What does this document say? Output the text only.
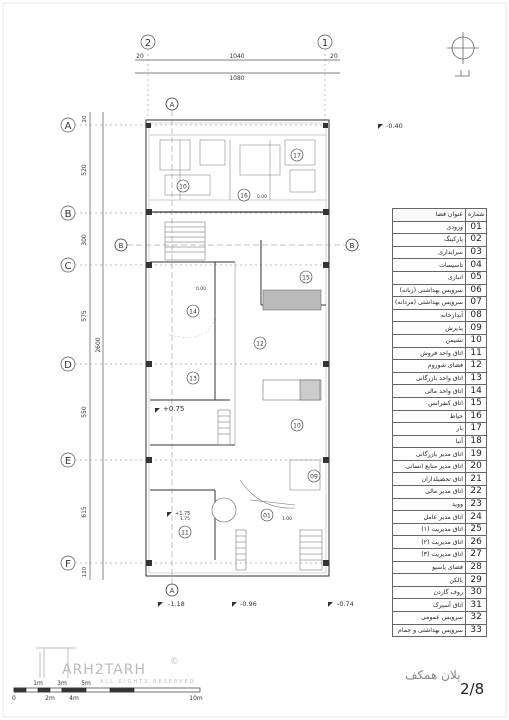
2	1
20	1040	20
1080
A
B
C
D
E
F
20
520
300
575
550
615
120
2600
A
A
B	B
-0.40
+0.75
+1.75
-1.18	-0.96	-0.74
0.00
0.00
1.75	1.00
10
16
17
15
14
12
13
10
09
01
11
1m 3m 5m
0	2m 4m	10m
©
ARH2TARH
ALL RIGHTS RESERVED
عنوان فضا	شماره
ورودی	01
پارکینگ	02
سرایداری	03
تاسیسات	04
انباری	05
سرویس بهداشتی (زنانه)	06
سرویس بهداشتی (مردانه)	07
آبدارخانه	08
پذیرش	09
نشیمن	10
اتاق واحد فروش	11
فضای شوروم	12
اتاق واحد بازرگانی	13
اتاق واحد مالی	14
اتاق کنفرانس	15
حیاط	16
بار	17
آنبا	18
اتاق مدیر بازرگانی	19
اتاق مدیر منابع انسانی	20
اتاق تحصیلداران	21
اتاق مدیر مالی	22
وويد	23
اتاق مدیر عامل	24
اتاق مدیریت (۱)	25
اتاق مدیریت (۲)	26
اتاق مدیریت (۳)	27
فضای پاسیو	28
بالکن	29
روف گاردن	30
اتاق آسپرک	31
سرویس عمومی	32
سرویس بهداشتی و حمام	33
پلان همکف
2/8
